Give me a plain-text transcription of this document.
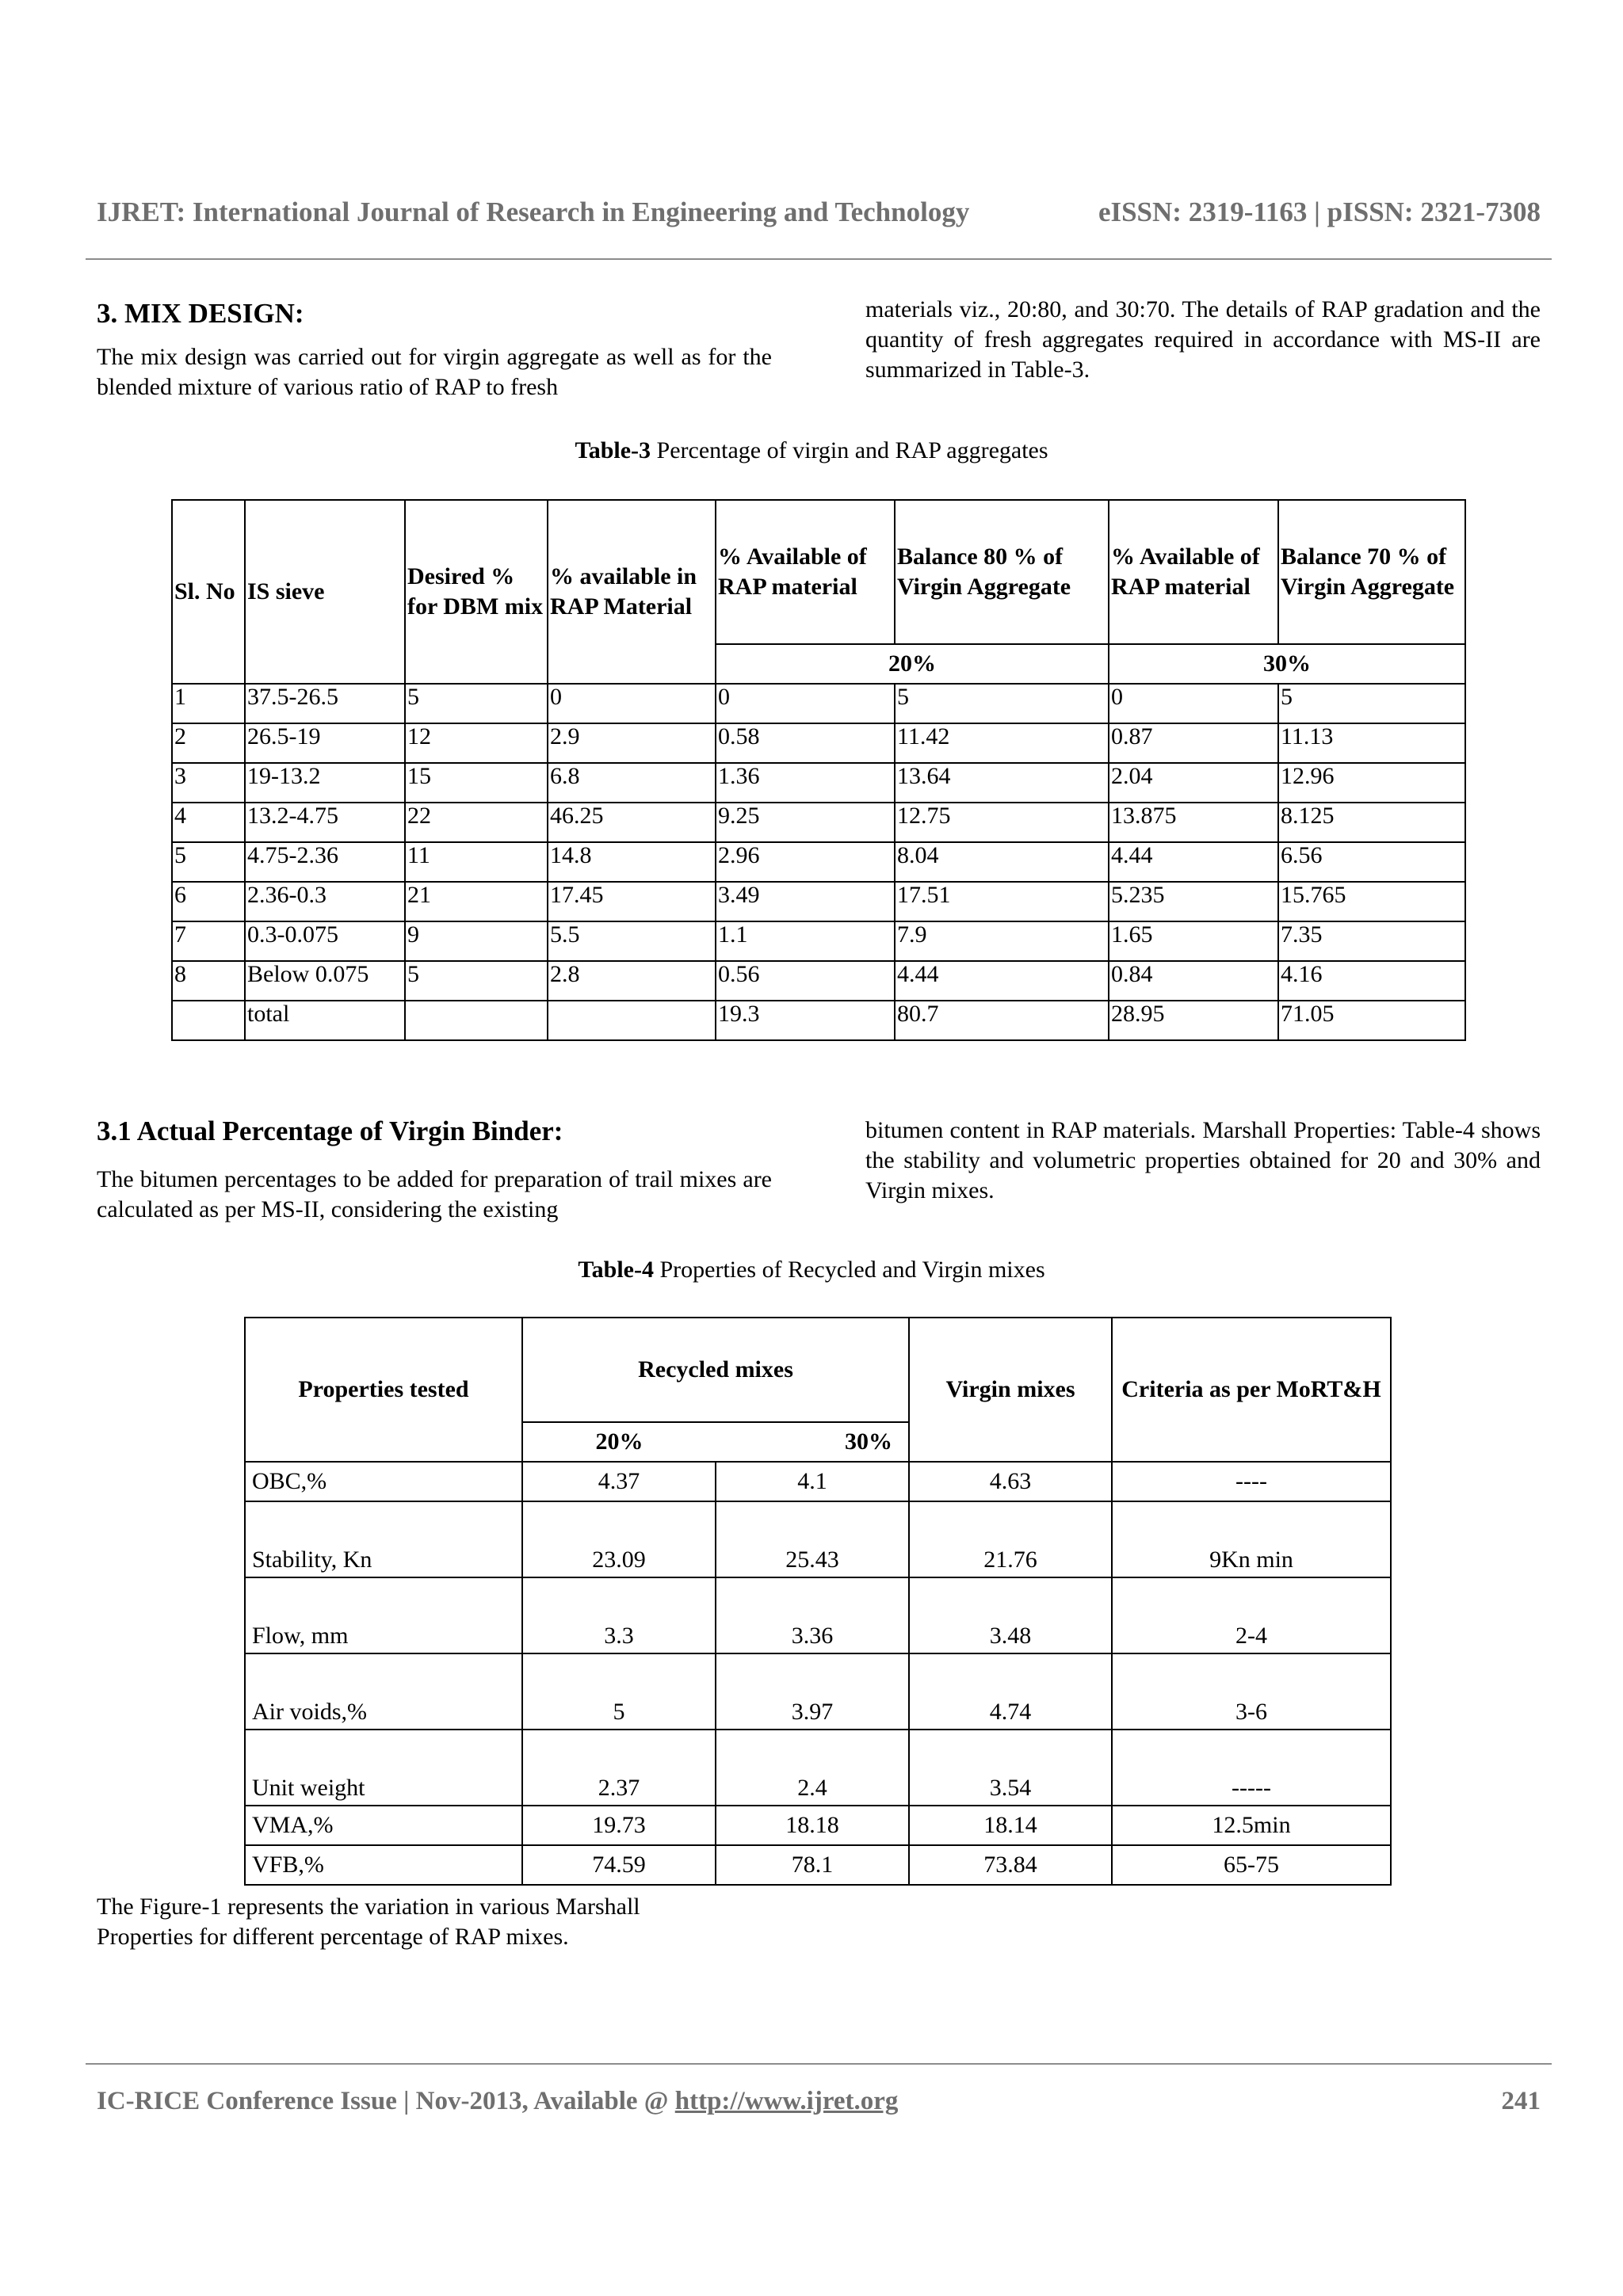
IJRET: International Journal of Research in Engineering and Technology	eISSN: 2319-1163 | pISSN: 2321-7308
3. MIX DESIGN:
The mix design was carried out for virgin aggregate as well as for the blended mixture of various ratio of RAP to fresh
materials viz., 20:80, and 30:70. The details of RAP gradation and the quantity of fresh aggregates required in accordance with MS-II are summarized in Table-3.
Table-3 Percentage of virgin and RAP aggregates
Sl. No	IS sieve	Desired % for DBM mix	% available in RAP Material	% Available of RAP material	Balance 80 % of Virgin Aggregate	% Available of RAP material	Balance 70 % of Virgin Aggregate
				20%		30%	
1	37.5-26.5	5	0	0	5	0	5
2	26.5-19	12	2.9	0.58	11.42	0.87	11.13
3	19-13.2	15	6.8	1.36	13.64	2.04	12.96
4	13.2-4.75	22	46.25	9.25	12.75	13.875	8.125
5	4.75-2.36	11	14.8	2.96	8.04	4.44	6.56
6	2.36-0.3	21	17.45	3.49	17.51	5.235	15.765
7	0.3-0.075	9	5.5	1.1	7.9	1.65	7.35
8	Below 0.075	5	2.8	0.56	4.44	0.84	4.16
	total			19.3	80.7	28.95	71.05
3.1 Actual Percentage of Virgin Binder:
The bitumen percentages to be added for preparation of trail mixes are calculated as per MS-II, considering the existing
bitumen content in RAP materials. Marshall Properties: Table-4 shows the stability and volumetric properties obtained for 20 and 30% and Virgin mixes.
Table-4 Properties of Recycled and Virgin mixes
Properties tested	Recycled mixes		Virgin mixes	Criteria as per MoRT&H
	20%	30%		
OBC,%	4.37	4.1	4.63	----
Stability, Kn	23.09	25.43	21.76	9Kn min
Flow, mm	3.3	3.36	3.48	2-4
Air voids,%	5	3.97	4.74	3-6
Unit weight	2.37	2.4	3.54	-----
VMA,%	19.73	18.18	18.14	12.5min
VFB,%	74.59	78.1	73.84	65-75
The Figure-1 represents the variation in various Marshall Properties for different percentage of RAP mixes.
IC-RICE Conference Issue | Nov-2013, Available @ http://www.ijret.org	241
